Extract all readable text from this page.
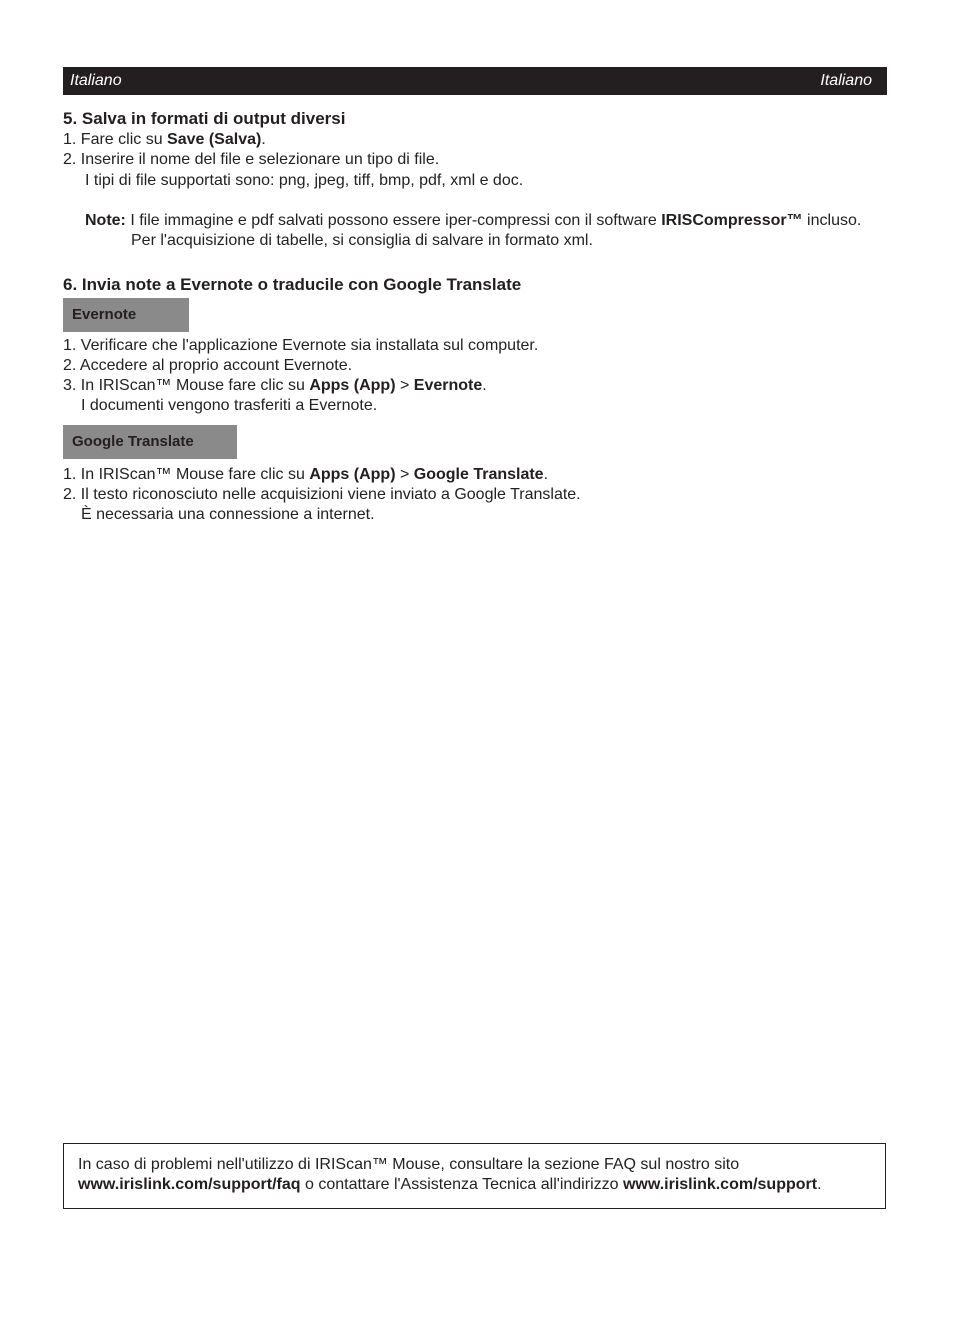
Italiano	Italiano
5. Salva in formati di output diversi
1. Fare clic su Save (Salva).
2. Inserire il nome del file e selezionare un tipo di file.
I tipi di file supportati sono: png, jpeg, tiff, bmp, pdf, xml e doc.
Note: I file immagine e pdf salvati possono essere iper-compressi con il software IRISCompressor™ incluso.
Per l'acquisizione di tabelle, si consiglia di salvare in formato xml.
6. Invia note a Evernote o traducile con Google Translate
Evernote
1. Verificare che l'applicazione Evernote sia installata sul computer.
2. Accedere al proprio account Evernote.
3. In IRIScan™ Mouse fare clic su Apps (App) > Evernote.
I documenti vengono trasferiti a Evernote.
Google Translate
1. In IRIScan™ Mouse fare clic su Apps (App) > Google Translate.
2. Il testo riconosciuto nelle acquisizioni viene inviato a Google Translate.
È necessaria una connessione a internet.
In caso di problemi nell'utilizzo di IRIScan™ Mouse, consultare la sezione FAQ sul nostro sito
www.irislink.com/support/faq o contattare l'Assistenza Tecnica all'indirizzo www.irislink.com/support.
